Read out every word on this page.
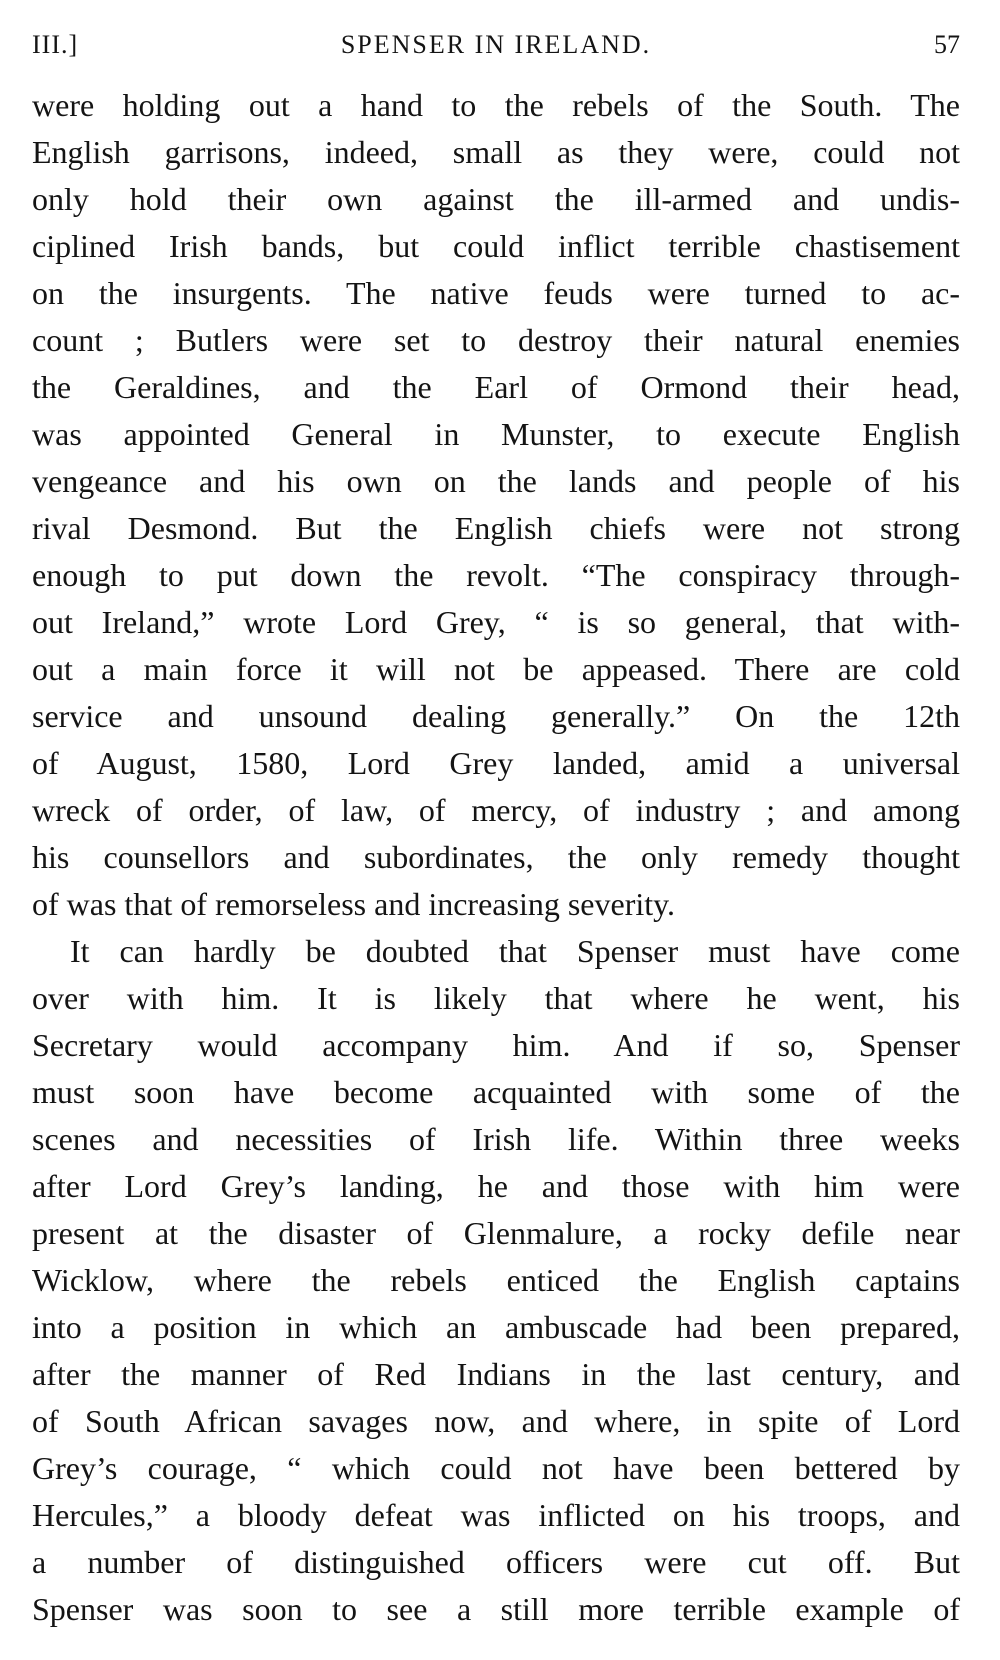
III.]	SPENSER IN IRELAND.	57
were holding out a hand to the rebels of the South. The
English garrisons, indeed, small as they were, could not
only hold their own against the ill-armed and undis-
ciplined Irish bands, but could inflict terrible chastisement
on the insurgents. The native feuds were turned to ac-
count ; Butlers were set to destroy their natural enemies
the Geraldines, and the Earl of Ormond their head,
was appointed General in Munster, to execute English
vengeance and his own on the lands and people of his
rival Desmond. But the English chiefs were not strong
enough to put down the revolt. “The conspiracy through-
out Ireland,” wrote Lord Grey, “ is so general, that with-
out a main force it will not be appeased. There are cold
service and unsound dealing generally.” On the 12th
of August, 1580, Lord Grey landed, amid a universal
wreck of order, of law, of mercy, of industry ; and among
his counsellors and subordinates, the only remedy thought
of was that of remorseless and increasing severity.
It can hardly be doubted that Spenser must have come
over with him. It is likely that where he went, his
Secretary would accompany him. And if so, Spenser
must soon have become acquainted with some of the
scenes and necessities of Irish life. Within three weeks
after Lord Grey’s landing, he and those with him were
present at the disaster of Glenmalure, a rocky defile near
Wicklow, where the rebels enticed the English captains
into a position in which an ambuscade had been prepared,
after the manner of Red Indians in the last century, and
of South African savages now, and where, in spite of Lord
Grey’s courage, “ which could not have been bettered by
Hercules,” a bloody defeat was inflicted on his troops, and
a number of distinguished officers were cut off. But
Spenser was soon to see a still more terrible example of
